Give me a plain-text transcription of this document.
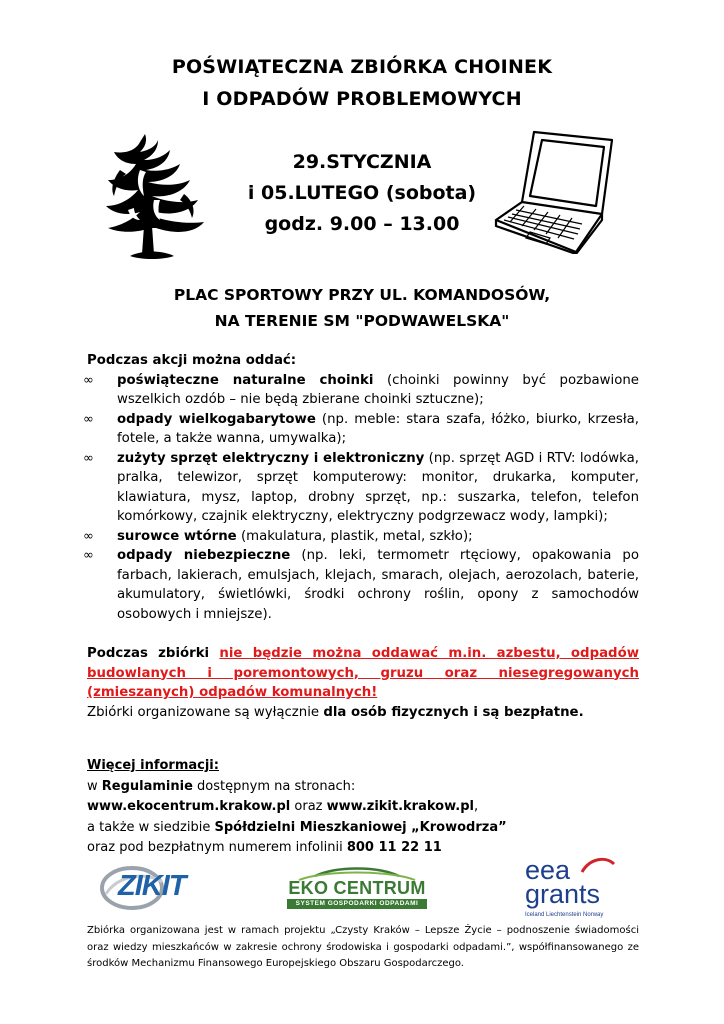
POŚWIĄTECZNA ZBIÓRKA CHOINEK
I ODPADÓW PROBLEMOWYCH
29.STYCZNIA
i 05.LUTEGO (sobota)
godz. 9.00 – 13.00
PLAC SPORTOWY PRZY UL. KOMANDOSÓW,
NA TERENIE SM "PODWAWELSKA"

Podczas akcji można oddać:

∞ poświąteczne naturalne choinki (choinki powinny być pozbawione wszelkich ozdób – nie będą zbierane choinki sztuczne);
∞ odpady wielkogabarytowe (np. meble: stara szafa, łóżko, biurko, krzesła, fotele, a także wanna, umywalka);
∞ zużyty sprzęt elektryczny i elektroniczny (np. sprzęt AGD i RTV: lodówka, pralka, telewizor, sprzęt komputerowy: monitor, drukarka, komputer, klawiatura, mysz, laptop, drobny sprzęt, np.: suszarka, telefon, telefon komórkowy, czajnik elektryczny, elektryczny podgrzewacz wody, lampki);
∞ surowce wtórne (makulatura, plastik, metal, szkło);
∞ odpady niebezpieczne (np. leki, termometr rtęciowy, opakowania po farbach, lakierach, emulsjach, klejach, smarach, olejach, aerozolach, baterie, akumulatory, świetlówki, środki ochrony roślin, opony z samochodów osobowych i mniejsze).

Podczas zbiórki nie będzie można oddawać m.in. azbestu, odpadów budowlanych i poremontowych, gruzu oraz niesegregowanych (zmieszanych) odpadów komunalnych!

Zbiórki organizowane są wyłącznie dla osób fizycznych i są bezpłatne.

Więcej informacji:

w Regulaminie dostępnym na stronach:

www.ekocentrum.krakow.pl oraz www.zikit.krakow.pl,

a także w siedzibie Spółdzielni Mieszkaniowej „Krowodrza”

oraz pod bezpłatnym numerem infolinii 800 11 22 11

ZIKIT	EKO CENTRUM
SYSTEM GOSPODARKI ODPADAMI
eea
grants
Iceland Liechtenstein Norway
Zbiórka organizowana jest w ramach projektu „Czysty Kraków – Lepsze Życie – podnoszenie świadomości oraz wiedzy mieszkańców w zakresie ochrony środowiska i gospodarki odpadami.”, współfinansowanego ze środków Mechanizmu Finansowego Europejskiego Obszaru Gospodarczego.
